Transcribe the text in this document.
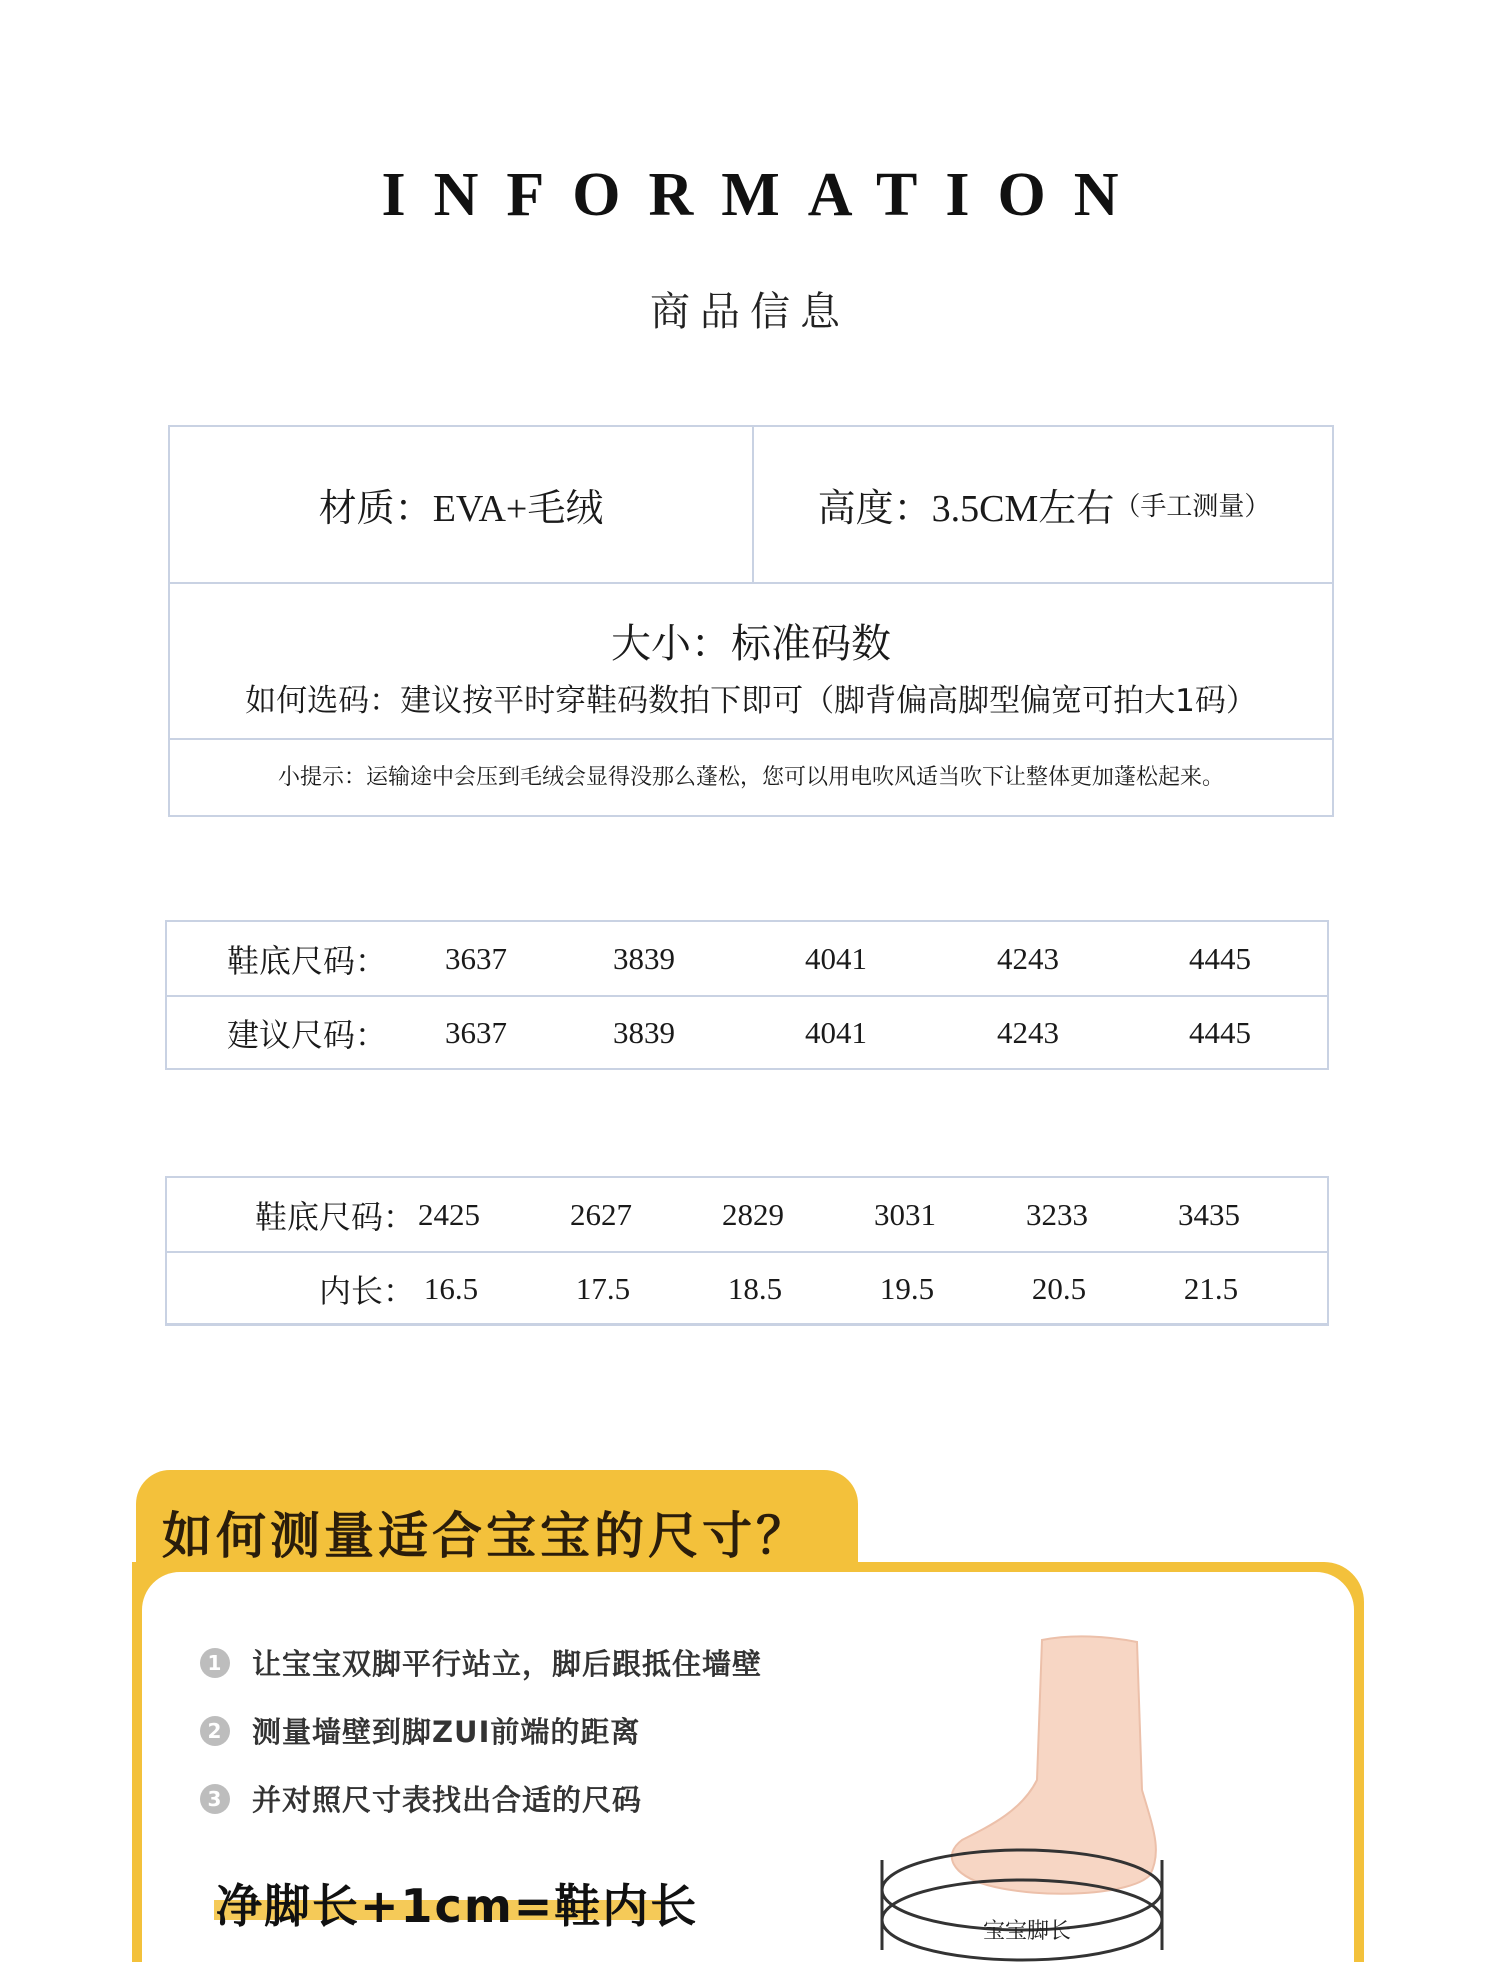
INFORMATION
商品信息
材质： EVA+毛绒	高度： 3.5CM左右 （手工测量）
大小：标准码数
如何选码：建议按平时穿鞋码数拍下即可（脚背偏高脚型偏宽可拍大1码）
小提示：运输途中会压到毛绒会显得没那么蓬松，您可以用电吹风适当吹下让整体更加蓬松起来。
鞋底尺码： 3637	3839	4041	4243	4445
建议尺码： 3637	3839	4041	4243	4445
鞋底尺码： 2425	2627	2829	3031	3233	3435
内长： 16.5	17.5	18.5	19.5	20.5	21.5
如何测量适合宝宝的尺寸？
1 让宝宝双脚平行站立，脚后跟抵住墙壁
2 测量墙壁到脚ZUI前端的距离
3 并对照尺寸表找出合适的尺码
净脚长+1cm=鞋内长	宝宝脚长
